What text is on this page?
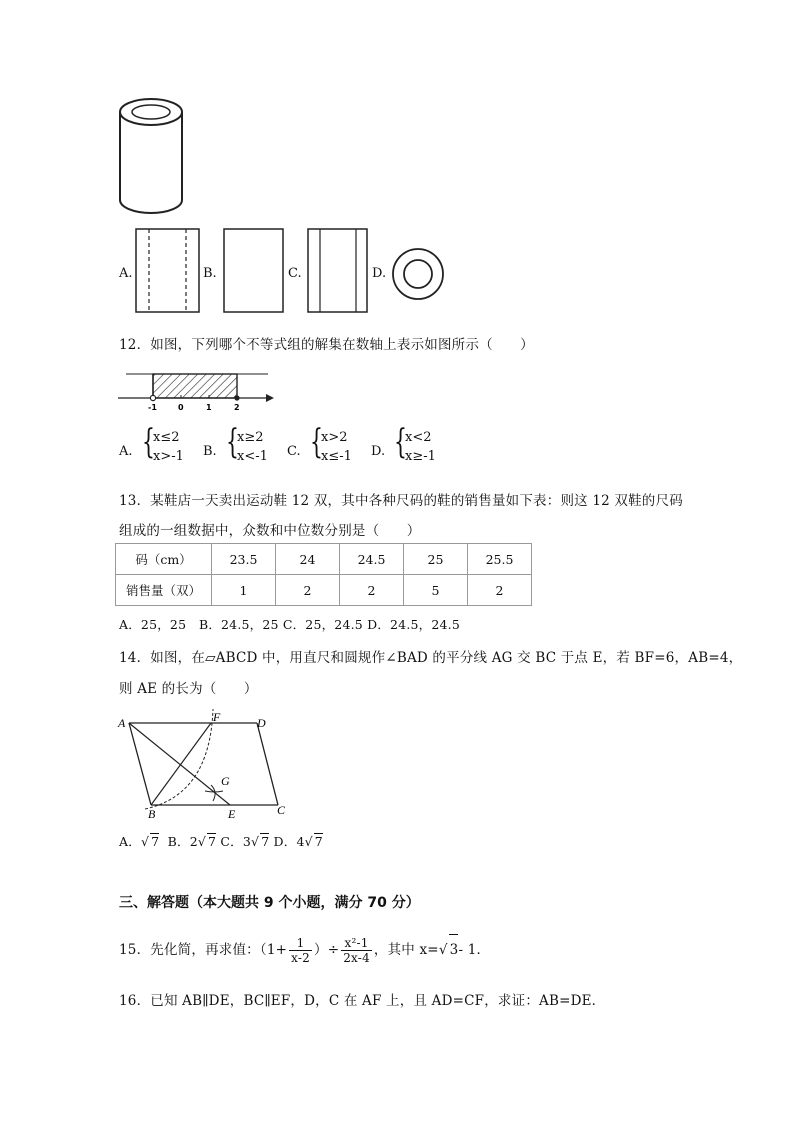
A.	B.	C.	D.
12．如图，下列哪个不等式组的解集在数轴上表示如图所示（　　）
-1	0	1	2
A. {
x≤2
x>-1 B. {
x≥2
x<-1 C. {
x>2
x≤-1 D. {
x<2
x≥-1
13．某鞋店一天卖出运动鞋 12 双，其中各种尺码的鞋的销售量如下表：则这 12 双鞋的尺码
组成的一组数据中，众数和中位数分别是（　　）
码（cm）	23.5	24	24.5	25	25.5
销售量（双）	1	2	2	5	2
A．25，25　B．24.5，25 C．25，24.5 D．24.5，24.5
14．如图，在▱ABCD 中，用直尺和圆规作∠BAD 的平分线 AG 交 BC 于点 E，若 BF=6，AB=4，
则 AE 的长为（　　）
A	F	D
G
B	E	C
A．√ 7 B．2√ 7 C．3√ 7 D．4√ 7
三、解答题（本大题共 9 个小题，满分 70 分）
15．先化简，再求值：（$1+ \frac{1}{x-2}$ ）÷ $\frac{\text{x²-1}}{2x-4}$ ，其中 x=√ 3- 1．
16．已知 AB∥DE，BC∥EF，D，C 在 AF 上，且 AD=CF，求证：AB=DE．
